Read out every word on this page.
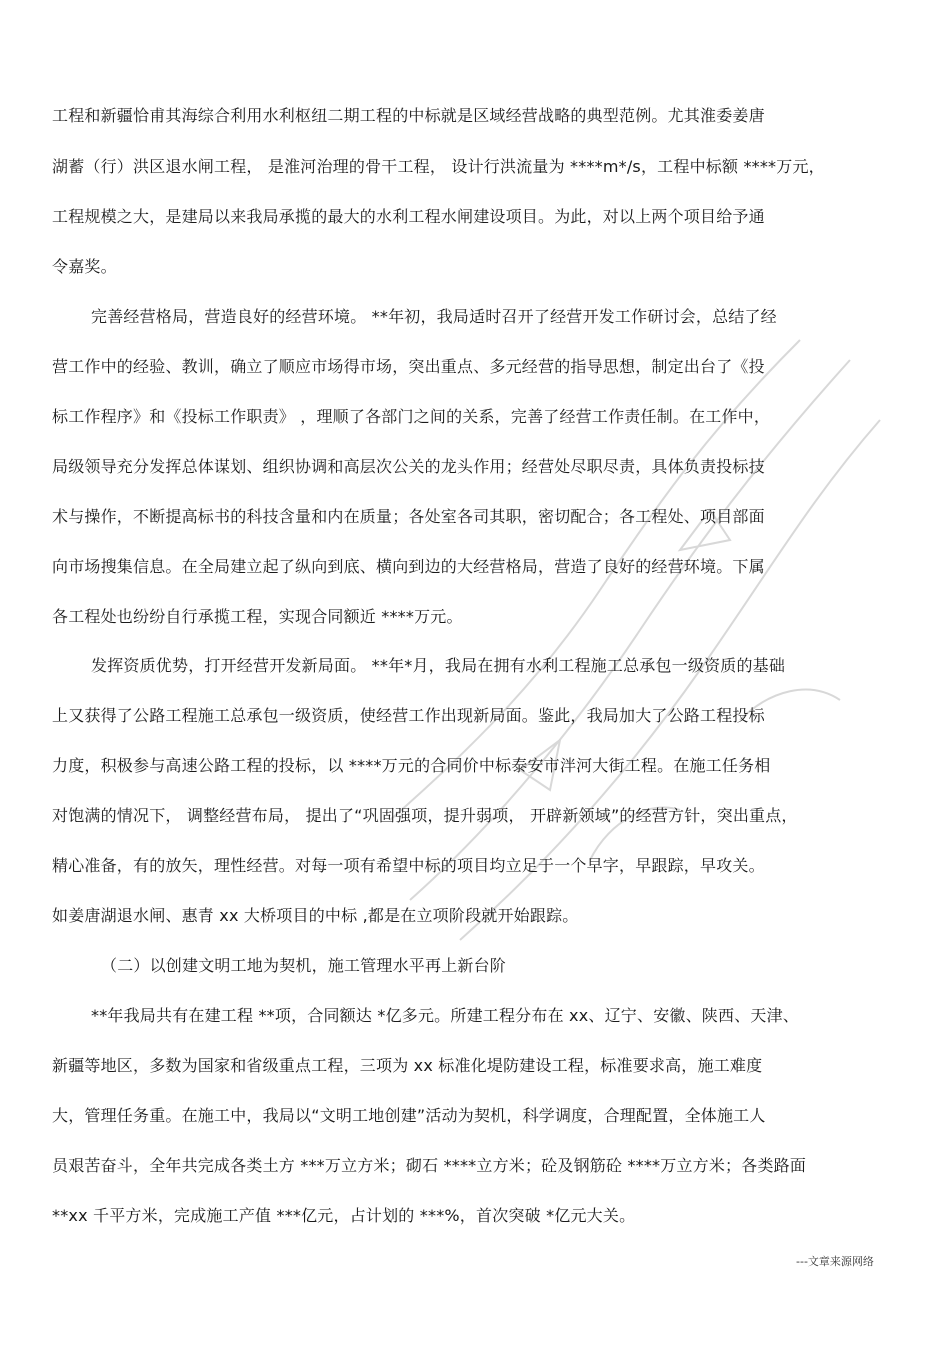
工程和新疆恰甫其海综合利用水利枢纽二期工程的中标就是区域经营战略的典型范例。尤其淮委姜唐
湖蓄（行）洪区退水闸工程， 是淮河治理的骨干工程， 设计行洪流量为 ****m*/s，工程中标额 ****万元，
工程规模之大，是建局以来我局承揽的最大的水利工程水闸建设项目。为此，对以上两个项目给予通
令嘉奖。
完善经营格局，营造良好的经营环境。 **年初，我局适时召开了经营开发工作研讨会，总结了经
营工作中的经验、教训，确立了顺应市场得市场，突出重点、多元经营的指导思想，制定出台了《投
标工作程序》和《投标工作职责》 ，理顺了各部门之间的关系，完善了经营工作责任制。在工作中，
局级领导充分发挥总体谋划、组织协调和高层次公关的龙头作用；经营处尽职尽责，具体负责投标技
术与操作，不断提高标书的科技含量和内在质量；各处室各司其职，密切配合；各工程处、项目部面
向市场搜集信息。在全局建立起了纵向到底、横向到边的大经营格局，营造了良好的经营环境。下属
各工程处也纷纷自行承揽工程，实现合同额近 ****万元。
发挥资质优势，打开经营开发新局面。 **年*月，我局在拥有水利工程施工总承包一级资质的基础
上又获得了公路工程施工总承包一级资质，使经营工作出现新局面。鉴此，我局加大了公路工程投标
力度，积极参与高速公路工程的投标，以 ****万元的合同价中标泰安市泮河大街工程。在施工任务相
对饱满的情况下， 调整经营布局， 提出了“巩固强项，提升弱项， 开辟新领域”的经营方针，突出重点，
精心准备，有的放矢，理性经营。对每一项有希望中标的项目均立足于一个早字，早跟踪，早攻关。
如姜唐湖退水闸、惠青 xx 大桥项目的中标 ,都是在立项阶段就开始跟踪。
（二）以创建文明工地为契机，施工管理水平再上新台阶
**年我局共有在建工程 **项，合同额达 *亿多元。所建工程分布在 xx、辽宁、安徽、陕西、天津、
新疆等地区，多数为国家和省级重点工程，三项为 xx 标准化堤防建设工程，标准要求高，施工难度
大，管理任务重。在施工中，我局以“文明工地创建”活动为契机，科学调度，合理配置，全体施工人
员艰苦奋斗，全年共完成各类土方 ***万立方米；砌石 ****立方米；砼及钢筋砼 ****万立方米；各类路面
**xx 千平方米，完成施工产值 ***亿元，占计划的 ***%，首次突破 *亿元大关。
---文章来源网络
